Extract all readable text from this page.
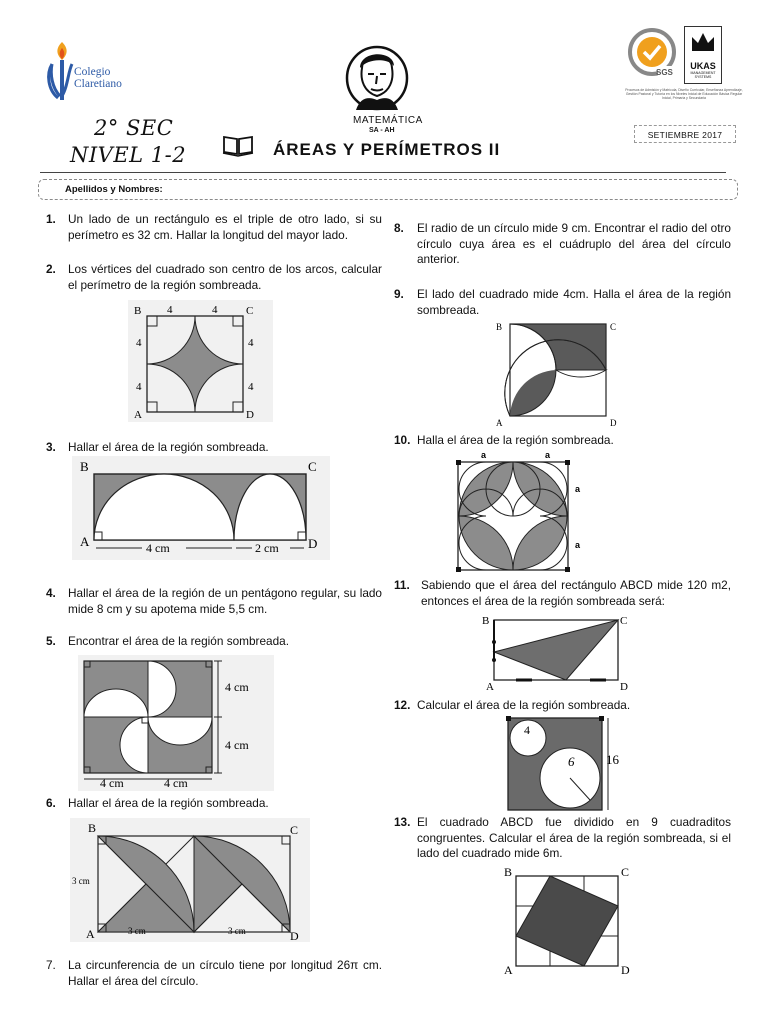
Colegio
Claretiano
2° SEC
NIVEL 1-2
MATEMÁTICA
SA - AH
ÁREAS Y PERÍMETROS II
SGS
UKAS
MANAGEMENT SYSTEMS
Procesos de Admisión y Matrícula, Diseño Curricular, Enseñanza Aprendizaje, Gestión Pastoral y Tutoría en los Niveles Inicial de Educación Básica Regular Inicial, Primaria y Secundaria
SETIEMBRE 2017
Apellidos y Nombres:
1.	Un lado de un rectángulo es el triple de otro lado, si su perímetro es 32 cm. Hallar la longitud del mayor lado.
2.	Los vértices del cuadrado son centro de los arcos, calcular el perímetro de la región sombreada.
B	C
A	D
4	4
4
4
4
4
3.	Hallar el área de la región sombreada.
B	C
A	D
4 cm	2 cm
4.	Hallar el área de la región de un pentágono regular, su lado mide 8 cm y su apotema mide 5,5 cm.
5.	Encontrar el área de la región sombreada.
4 cm
4 cm
4 cm	4 cm
6.	Hallar el área de la región sombreada.
B	C
A	D
3 cm
3 cm	3 cm
7.	La circunferencia de un círculo tiene por longitud 26π cm. Hallar el área del círculo.
8.	El radio de un círculo mide 9 cm. Encontrar el radio del otro círculo cuya área es el cuádruplo del área del círculo anterior.
9.	El lado del cuadrado mide 4cm. Halla el área de la región sombreada.
B	C
A	D
10. Halla el área de la región sombreada.
a	a
a
a
11. Sabiendo que el área del rectángulo ABCD mide 120 m2, entonces el área de la región sombreada será:
B	C
A	D
12. Calcular el área de la región sombreada.
4
6 16
13. El cuadrado ABCD fue dividido en 9 cuadraditos congruentes. Calcular el área de la región sombreada, si el lado del cuadrado mide 6m.
B	C
A	D
